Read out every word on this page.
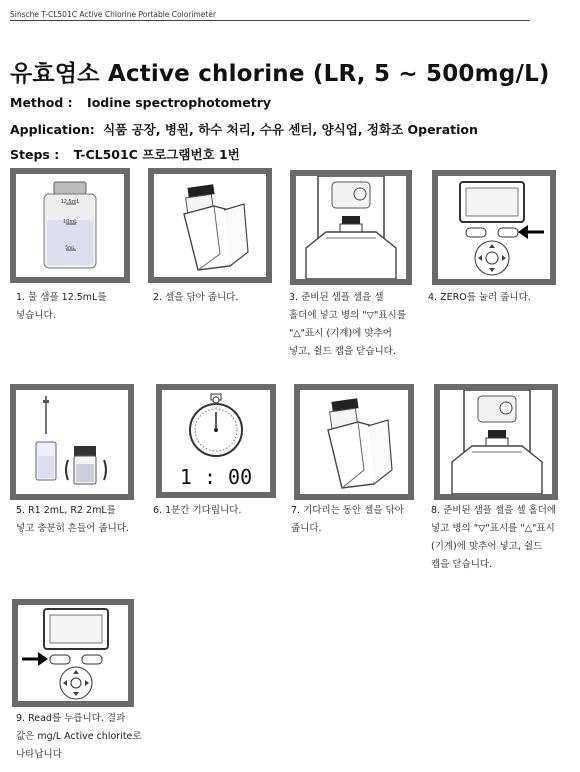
Sinsche T-CL501C Active Chlorine Portable Colorimeter
유효염소 Active chlorine (LR, 5 ~ 500mg/L)
Method : Iodine spectrophotometry
Application: 식품 공장, 병원, 하수 처리, 수유 센터, 양식업, 정화조 Operation
Steps : T-CL501C 프로그램번호 1번
12.5mL
10mL
5mL
1. 물 샘플 12.5mL를 넣습니다.
2. 셀을 닦아 줍니다.	3. 준비된 샘플 셀을 셀 홀더에 넣고 병의 "▽"표시를 "△"표시 (기계)에 맞추어 넣고, 쉴드 캡을 닫습니다.
4. ZERO를 눌러 줍니다.
5. R1 2mL, R2 2mL를 넣고 충분히 흔들어 줍니다.
1 : 00
6. 1분간 기다립니다.	7. 기다리는 동안 셀을 닦아 줍니다.
8. 준비된 샘플 셀을 셀 홀더에 넣고 병의 "▽"표시를 "△"표시 (기계)에 맞추어 넣고, 쉴드 캡을 닫습니다.
9. Read를 누릅니다. 결과 값은 mg/L Active chlorite로 나타납니다
